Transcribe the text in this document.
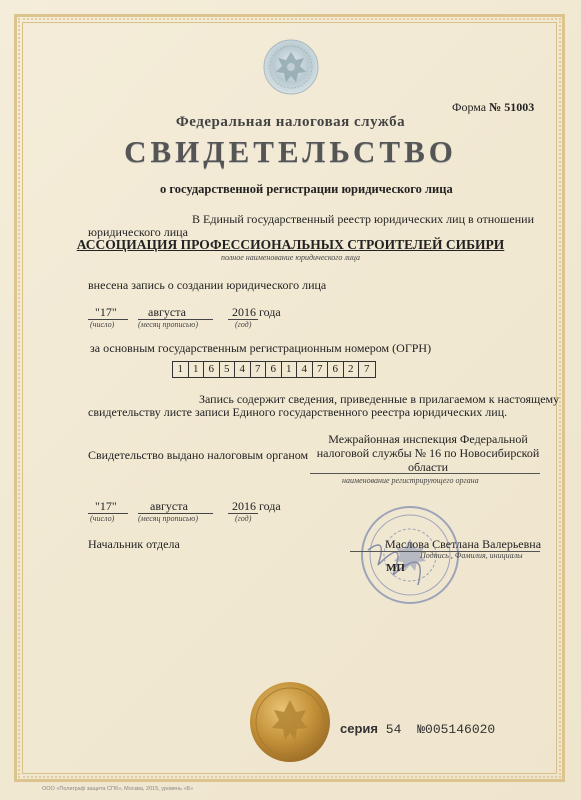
Форма № 51003
Федеральная налоговая служба
СВИДЕТЕЛЬСТВО
о государственной регистрации юридического лица
В Единый государственный реестр юридических лиц в отношении
юридического лица
АССОЦИАЦИЯ ПРОФЕССИОНАЛЬНЫХ СТРОИТЕЛЕЙ СИБИРИ
полное наименование юридического лица
внесена запись о создании юридического лица
"17"	августа	2016 года
(число)	(месяц прописью)	(год)
за основным государственным регистрационным номером (ОГРН)
1 1 6 5 4 7 6 1 4 7 6 2 7
Запись содержит сведения, приведенные в прилагаемом к настоящему
свидетельству листе записи Единого государственного реестра юридических лиц.
Свидетельство выдано налоговым органом
Межрайонная инспекция Федеральной налоговой службы № 16 по Новосибирской области
наименование регистрирующего органа
"17"	августа	2016 года
(число)	(месяц прописью)	(год)
Начальник отдела	Маслова Светлана Валерьевна
Подпись , Фамилия, инициалы
МП
серия 54 №005146020
ООО «Полиграф защита СПб», Москва, 2015, уровень «Б»
